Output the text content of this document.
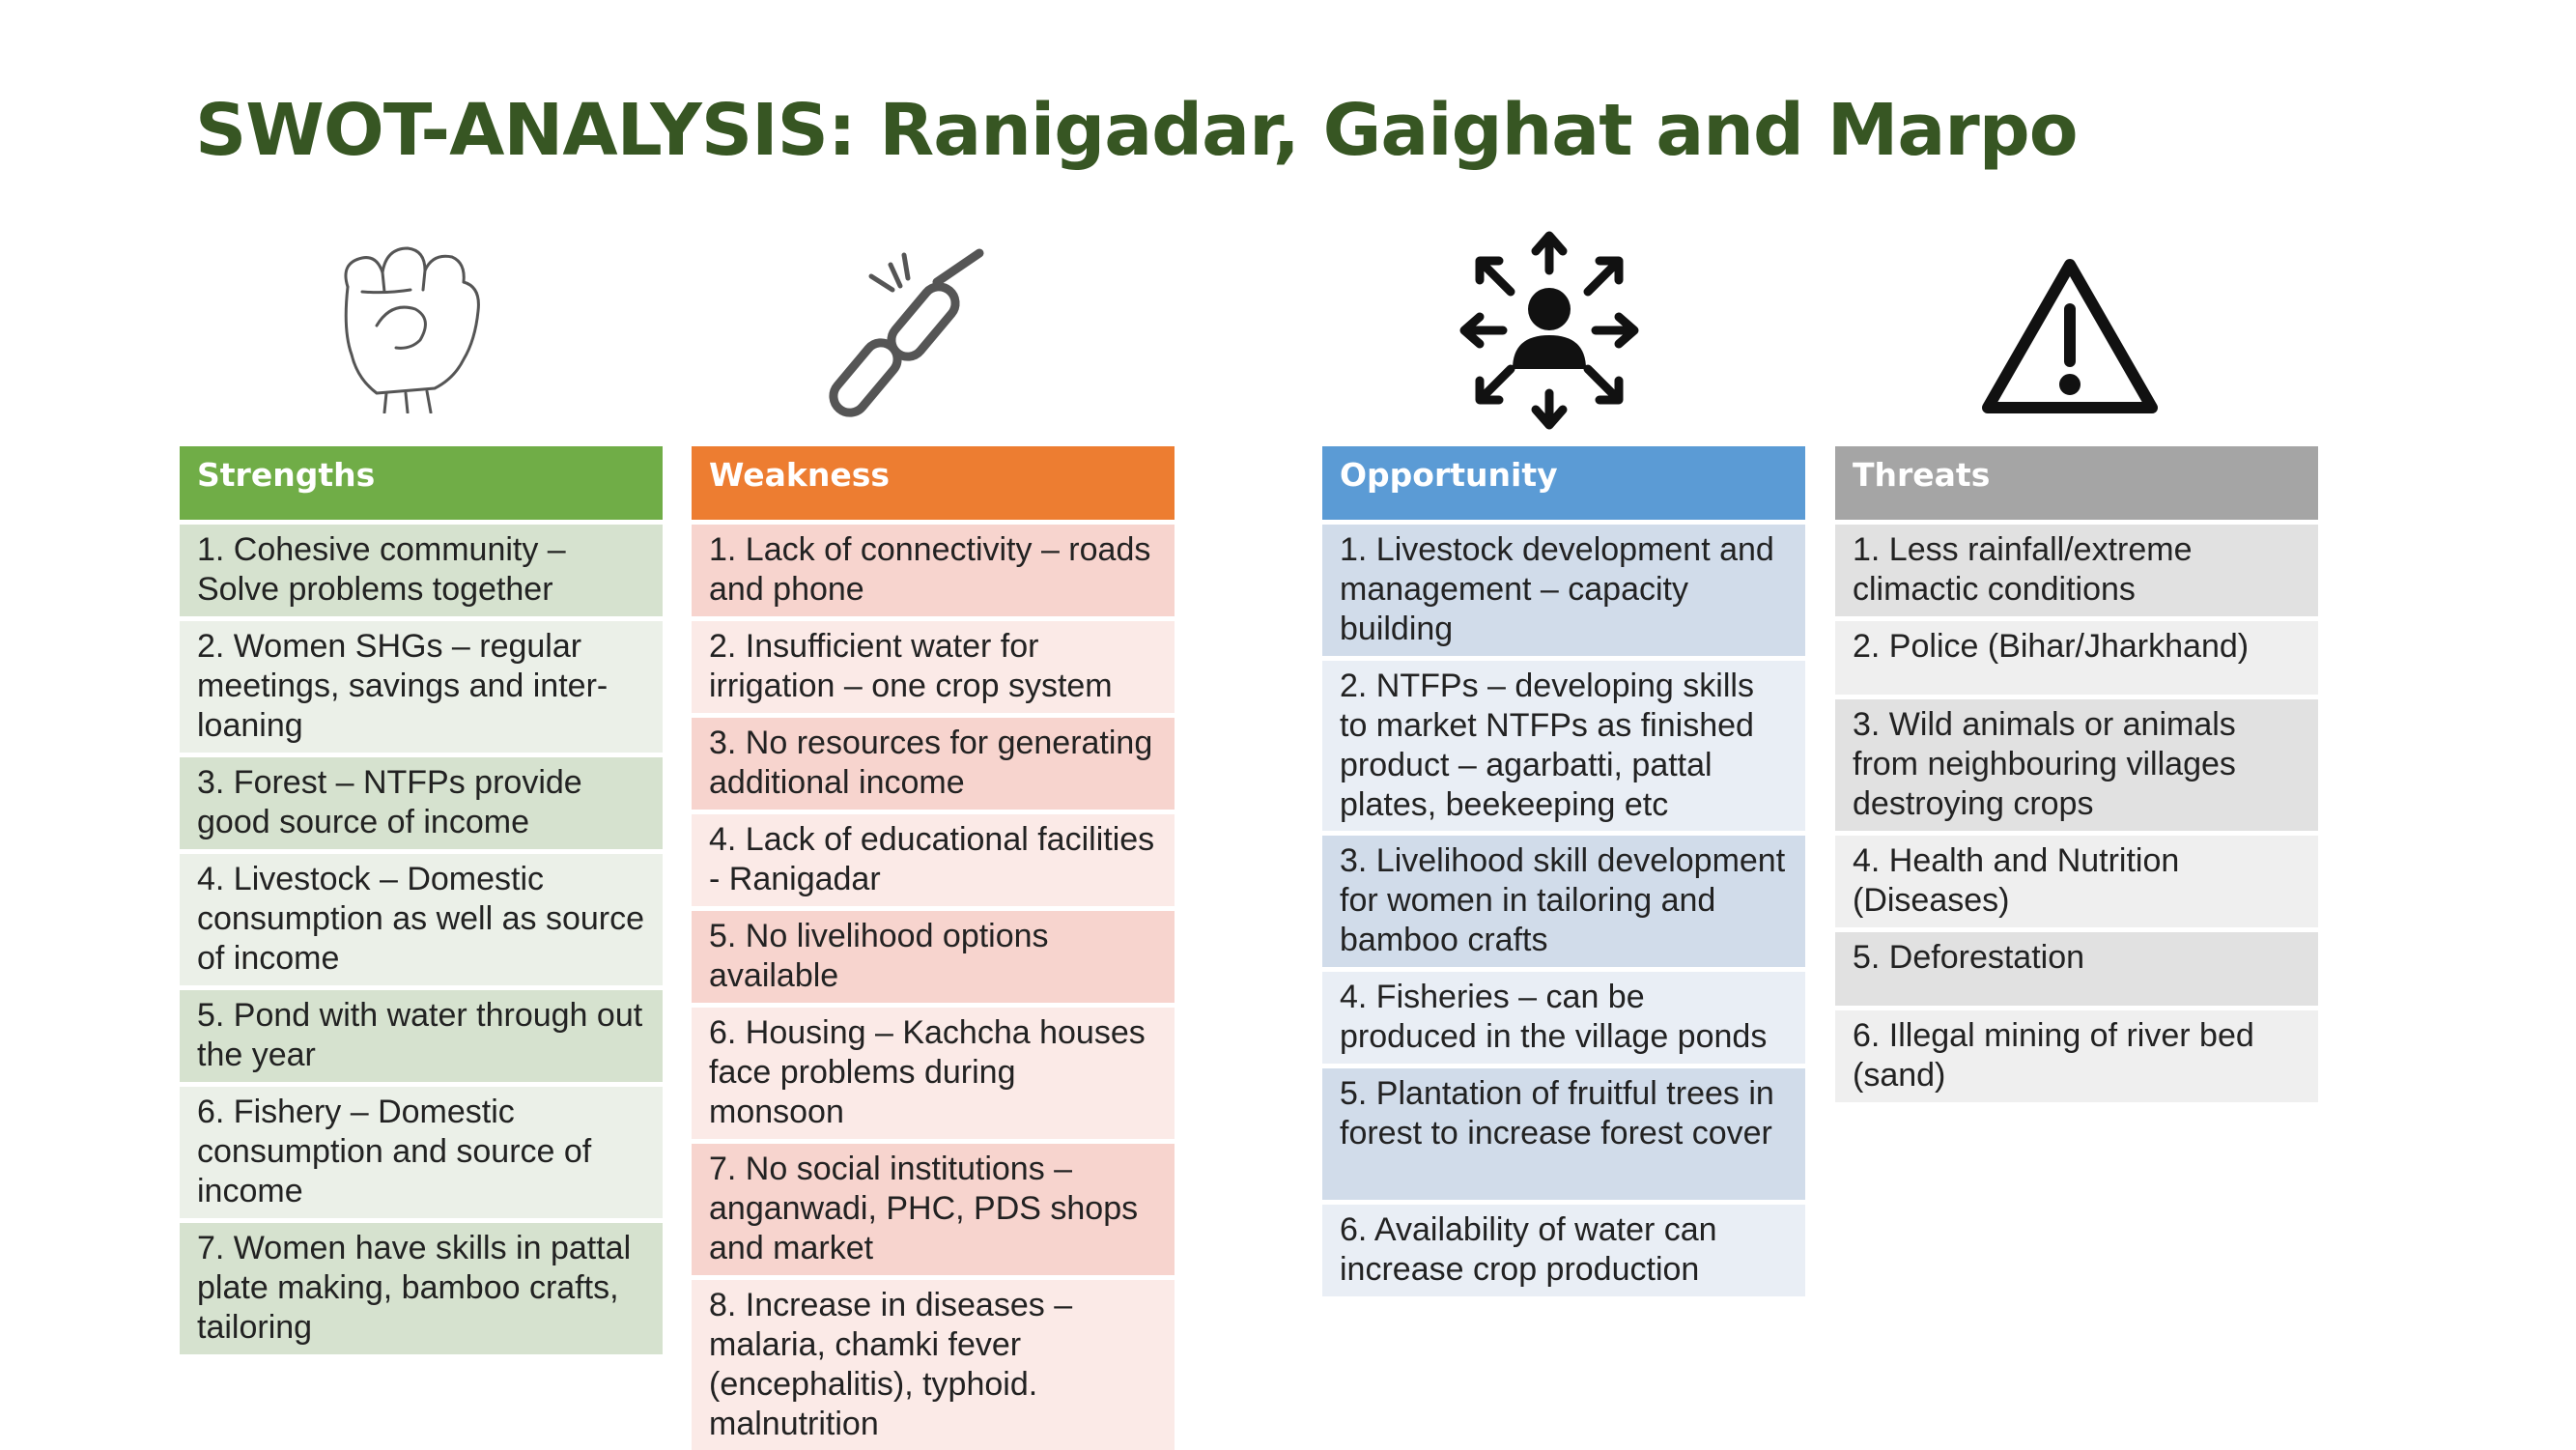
SWOT-ANALYSIS: Ranigadar, Gaighat and Marpo
Strengths
1. Cohesive community – Solve problems together
2. Women SHGs – regular meetings, savings and inter-loaning
3. Forest – NTFPs provide good source of income
4. Livestock – Domestic consumption as well as source of income
5. Pond with water through out the year
6. Fishery – Domestic consumption and source of income
7. Women have skills in pattal plate making, bamboo crafts, tailoring
Weakness
1. Lack of connectivity – roads and phone
2. Insufficient water for irrigation – one crop system
3. No resources for generating additional income
4. Lack of educational facilities - Ranigadar
5. No livelihood options available
6. Housing – Kachcha houses face problems during monsoon
7. No social institutions – anganwadi, PHC, PDS shops and market
8. Increase in diseases – malaria, chamki fever (encephalitis), typhoid. malnutrition
Opportunity
1. Livestock development and management – capacity building
2. NTFPs – developing skills to market NTFPs as finished product – agarbatti, pattal plates, beekeeping etc
3. Livelihood skill development for women in tailoring and bamboo crafts
4. Fisheries – can be produced in the village ponds
5. Plantation of fruitful trees in forest to increase forest cover
6. Availability of water can increase crop production
Threats
1. Less rainfall/extreme climactic conditions
2. Police (Bihar/Jharkhand)
3. Wild animals or animals from neighbouring villages destroying crops
4. Health and Nutrition (Diseases)
5. Deforestation
6. Illegal mining of river bed (sand)
